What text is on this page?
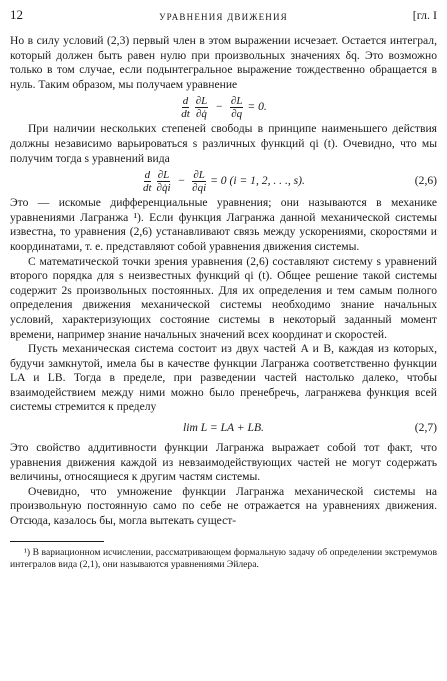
12	УРАВНЕНИЯ ДВИЖЕНИЯ	[гл. I

Но в силу условий (2,3) первый член в этом выражении исчезает. Остается интеграл, который должен быть равен нулю при произвольных значениях δq. Это возможно только в том случае, если подынтегральное выражение тождественно обращается в нуль. Таким образом, мы получаем уравнение

$\frac{d}{dt}$
$\frac{\partial L}{\partial q̇} - \frac{\partial L}{\partial q} = 0$.

При наличии нескольких степеней свободы в принципе наименьшего действия должны независимо варьироваться s различных функций qi (t). Очевидно, что мы получим тогда s уравнений вида

$\frac{d}{dt}$
$\frac{\partial L}{\partial q̇i} - \frac{\partial L}{\partial qi} = 0$ (i = 1, 2, . . ., s).	(2,6)

Это — искомые дифференциальные уравнения; они называются в механике уравнениями Лагранжа ¹). Если функция Лагранжа данной механической системы известна, то уравнения (2,6) устанавливают связь между ускорениями, скоростями и координатами, т. е. представляют собой уравнения движения системы.

С математической точки зрения уравнения (2,6) составляют систему s уравнений второго порядка для s неизвестных функций qi (t). Общее решение такой системы содержит 2s произвольных постоянных. Для их определения и тем самым полного определения движения механической системы необходимо знание начальных условий, характеризующих состояние системы в некоторый заданный момент времени, например знание начальных значений всех координат и скоростей.

Пусть механическая система состоит из двух частей A и B, каждая из которых, будучи замкнутой, имела бы в качестве функции Лагранжа соответственно функции LA и LB. Тогда в пределе, при разведении частей настолько далеко, чтобы взаимодействием между ними можно было пренебречь, лагранжева функция всей системы стремится к пределу

lim L = LA + LB.	(2,7)

Это свойство аддитивности функции Лагранжа выражает собой тот факт, что уравнения движения каждой из невзаимодействующих частей не могут содержать величины, относящиеся к другим частям системы.

Очевидно, что умножение функции Лагранжа механической системы на произвольную постоянную само по себе не отражается на уравнениях движения. Отсюда, казалось бы, могла вытекать сущест-

¹) В вариационном исчислении, рассматривающем формальную задачу об определении экстремумов интегралов вида (2,1), они называются уравнениями Эйлера.
